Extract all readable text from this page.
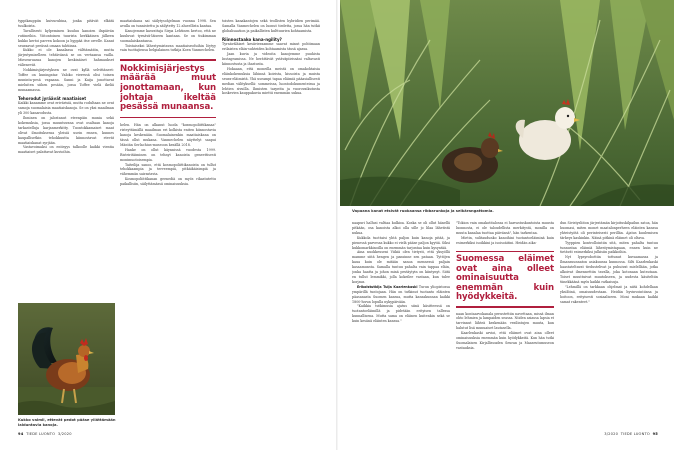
typpikauppiin kuivurubina, jonka pitävät elkätä tuulkoista.

Tavallisesti kylpeminen kuuluu kanoien ilnpäivän rutiineihin. Viitontoinen tuurista herkkäinen jälkeen kukko kertoi parven kokoon ja hyppää itse orrelle. Kanat seuraavat perässä omaan tahtiinsa.

Kukko ei ole kanalassa välttämätön, mutta järjestymiselleen tehtävänsä se on vertaansa vailla. Mieseuruassa kanojen keskinäiset hahmaukset välienevät.

Nokkimisjärjestyksen ne ovat kyllä selvittäneet: Toffee on kuningatar. Valoko vieressä olisi toinen muninta-pesä vapaana. Sanni ja Kaija jonottavat mieluiten siihen pesään, jossa Toffee vielä ikeliä munaamassa.

Tehorodut jyräävät maatiaiset

Kaikki kanamme ovat erivärisiä, mutta rodultaan ne ovat samoja suomalaisia maatiaiskanoja. Se on yksi maailman yli 300 kanarodusta.

Ihminen on jalostanut eteenpäin munia sekä kokemuksia, jossa muuntuvana ovat osaltaan kanoja tarkastelluja karjanmerkitty. Tuontokkamaiset maat olivat ilmoituksessa yleisiä usein ennen, kunnes kaupallisetkin tehokkuutta kiinnostavat etevät maatiaiskanat syrjään.

Vastavoimaksi on entisyys talkoolle kaikki vientia maatiaiset palattavat kuvioihin.

maatiaiskana sai säilytysohjelman vuonna 1998. Sen avulla on tunnistettu ja säilytetty 12 alueellista kantaa.

Kanojemme kasvattaja Sirpa Lehtinen kertoo, että ne kuuluvat tyrnävä-läiseen kantaan. Se on tiukimman suomalaiskantansa.

Toistaiseksi lähestymistavan maatiaisroduihin löytyy vain tuottajiensa belgialainen tutkija Koen Vanmechelen.

Nokkimisjärjestys määrää muut jonottamaan, kun johtaja ikeltää pesässä munaansa.

helen. Hän on alkanut luoda "kosmopoliittikanaa" risteyttämällä maailman eri kolkista eniten kiinnostavia kanoja keskenään. Suomalainenkin maatiaiskana on tässä ollut mukana. Vanmechelen näyttelyt saapui Mäntän Serlachius-museoon kesällä 2018.

Hanke on ollut käynnissä vuodesta 1999. Ristriritäiminen on tehnyt kanoista geneettisesti monimuotoisempia.

Taiteilija sanoo, että kosmopoliittikanoista on tullut tehokkaampia ja terveempiä, pitkäikäisimpiä ja vähemmän sairastavia.

Kosmopoliittikanan geenediä on myös rikastutettu paikallisiin, säilyttämässä ominaisuuksia.

toisten kanakantojen sekä teollisten hybridien perimää. Samalla Vanmechelen on luonut tiedetta, jossa hän tutkii globalisaation ja paikallisten kulttuurien kohtaamista.

Riinnostaako kana-ngility?

Tyrnäväläiset kesävieraamme saavat minut pohtimaan erilaisten eläin-suhteiden kohtaamista tässä ajassa.

Jaan kuvia ja videoita kanojemme puuhista Instagramissa. Ne herättävät ystäväpiirissäni valtavasti kiinnostusta ja ihastusta.

Hokaaan, että moneilla meistä on omakohtaisia eläinkokemuksia lähinnä koirista, kissoista ja muista seura-eläimistä. Yhä useampi tapaa eläimiä pääasiallisesti median välityksellä: sommeissa, luontodokumenteissa ja lehtien sivuilla. Ihmisten tarpeita ja vuorovaikutusta koskevien kauppakuvia miettii enemmän sukua.

Kukko valmii, ettevät pedot pääse yllättämään laiduntavia kanoja.
94 TIEDE LUONTO 3/2020
Vapaana kanat etsivät ruokaansa ribbarunkoja ja selkärangattomia.

naapuri hallusi valtiaa kulkioa. Koska se oli ollut hänellä pitkään, osa kanoista alkoi olla sille jo lilaa lähetistä nukua.

Kukkola tuottaisi yhtä paljon kuin kanoja pitää, ja pienessä parvessa kukko ei vielä pääse paljon kyytiä. Siksi kukkomarkkinoilla on enemmän tarjontaa kuin kysyntää.

Aina nuokkeuseni Viikiä olen tietysti, että yksyöllä mamme siitä hengen ja pansinne sen pataan. Tyttöjen kaua kuin ole mitään sanoa mennessä paljain kasaamunsta. Samalla tuntuu pahalta vain tappaa eläin, jonka haatta ja johon minä pestäytyin on kiintynyt. Siitä en tullut lemmikki, jolla kokeilee vastaan, kun tulee korjaus.

Erikoistutkija Tuija Kaarlenkaski Turun yliopistossa ympärillä tuntojaan. Hän on tutkinut tuotanto eläinten päasanasta Suomen kanssa, mutta kansakunnan kaikki 1800-luvun lopulla nykypäivään.

"Kaikkia tutkimusia ajatus siinä käsitteessä on tuotantoeläimillä ja pidetään erityisen tallessa kunnallisena. Mutta sama on eläinen kuitenkin sekä se kuin kesänä eläinten kanssa."

"Tokion vain omakotitalossa ei harrastuskuntoista muusta luonnosta, ei ole taloudellista merkitystä, monilla on muuta kanalaa tuottaa päivänsä", hän tarkentaa.

Mietin, sulitaudunko kanoihini tuotantoeläiminä kuin esimerkiksi isoikkini ja isoisoäitini. Heidän aika-

Suomessa eläimet ovat aina olleet ominaisuutta enemmän kuin hyödykkeitä.

naan kontaarvokanala perustettiin navettaan, missä ilman ohto lehmien ja lampaiden seassa. Niiden asiassa lapsia et tarvinnut lähteä keskenään vesilintujen muuta, kun halutut lisä munuaiset lautasella.

Kaarlenkaski arvioi, että eläimet ovat aina olleet ominaisuuksia enemmän kuin hyödykkeitä. Kun hän tutki Suomalaisen Kirjallisuuden Seuran ja Maaseutumuseon vastauksia.

dun Sivistysliiton järjestämän kirjoituskilpailun satoa, hän huomasi, miten monet maatalonperheen eläinten kanssa yhteistyötä oli perinteisesti perillän. Ajatus kuulemisen tärkeys kaskinkin. Näinä pitkinä eläimet oli oltava.

Tyyppien kontrollointiin sitä, miten pahalta tuntuu tunnustaa eläimiä lähestymistapaan, ennen kuin ne tietävät esimerkiksi julkisiin paikkoihin.

Nyt lypsyrobottiin tottunut kuvaamassa ja Ilmansuunnaton asiakuussa kunnossa. Silti Kaarlenkaski haastateltavat tiedustelivat ja puhuivat mielellään, jotka alkoivat ilmennettiin tavalla, joka kotonaan kutsutaan. Toiset muuttuivat muutokseen, ja uudesta käsiteltiin tiinekkäänä myös kaikki ratkaisuja.

"Lehmillä on tarkkaan ohjelmat ja niitä kohdellaan yksilöinä, omaisuudestaan. Heidän hyvinvointiinsa ja hoitoon, erityisesti sosiaaliseen. Moni mukaan kaikki samat rakenteet."

3/2020 TIEDE LUONTO 95
